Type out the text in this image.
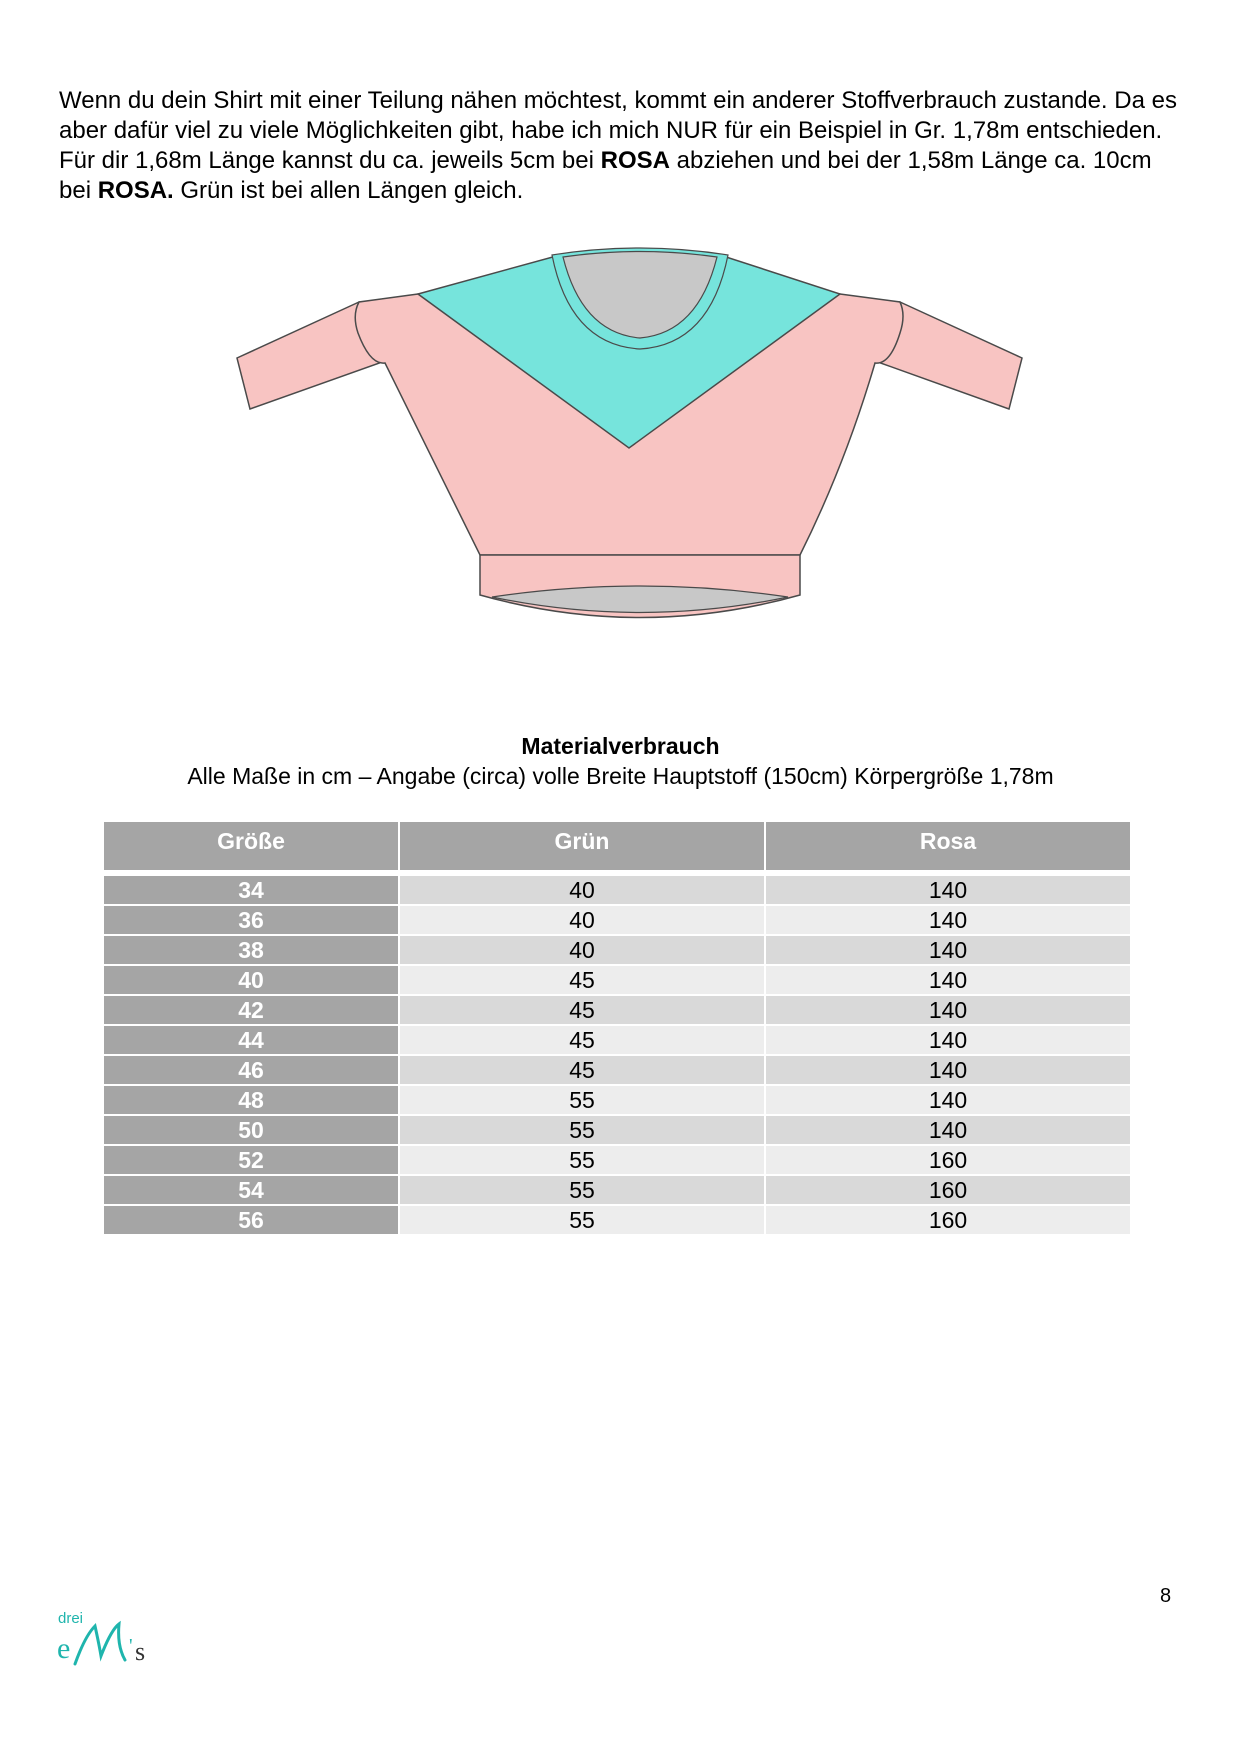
Wenn du dein Shirt mit einer Teilung nähen möchtest, kommt ein anderer Stoffverbrauch zustande. Da es aber dafür viel zu viele Möglichkeiten gibt, habe ich mich NUR für ein Beispiel in Gr. 1,78m entschieden. Für dir 1,68m Länge kannst du ca. jeweils 5cm bei ROSA abziehen und bei der 1,58m Länge ca. 10cm bei ROSA. Grün ist bei allen Längen gleich.

Materialverbrauch
Alle Maße in cm – Angabe (circa) volle Breite Hauptstoff (150cm) Körpergröße 1,78m
Größe	Grün	Rosa
34	40	140
36	40	140
38	40	140
40	45	140
42	45	140
44	45	140
46	45	140
48	55	140
50	55	140
52	55	160
54	55	160
56	55	160
8
drei
e	' s
